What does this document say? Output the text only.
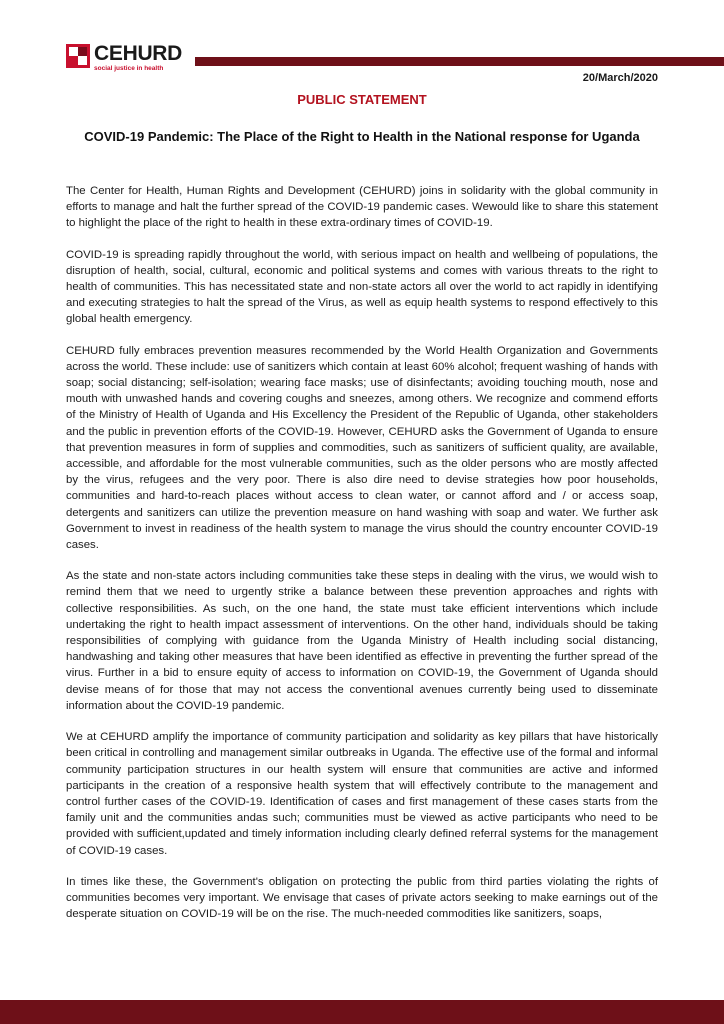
CEHURD
social justice in health
20/March/2020
PUBLIC STATEMENT
COVID-19 Pandemic: The Place of the Right to Health in the National response for Uganda

The Center for Health, Human Rights and Development (CEHURD) joins in solidarity with the global community in efforts to manage and halt the further spread of the COVID-19 pandemic cases. Wewould like to share this statement to highlight the place of the right to health in these extra-ordinary times of COVID-19.

COVID-19 is spreading rapidly throughout the world, with serious impact on health and wellbeing of populations, the disruption of health, social, cultural, economic and political systems and comes with various threats to the right to health of communities. This has necessitated state and non-state actors all over the world to act rapidly in identifying and executing strategies to halt the spread of the Virus, as well as equip health systems to respond effectively to this global health emergency.

CEHURD fully embraces prevention measures recommended by the World Health Organization and Governments across the world. These include: use of sanitizers which contain at least 60% alcohol; frequent washing of hands with soap; social distancing; self-isolation; wearing face masks; use of disinfectants; avoiding touching mouth, nose and mouth with unwashed hands and covering coughs and sneezes, among others. We recognize and commend efforts of the Ministry of Health of Uganda and His Excellency the President of the Republic of Uganda, other stakeholders and the public in prevention efforts of the COVID-19. However, CEHURD asks the Government of Uganda to ensure that prevention measures in form of supplies and commodities, such as sanitizers of sufficient quality, are available, accessible, and affordable for the most vulnerable communities, such as the older persons who are mostly affected by the virus, refugees and the very poor. There is also dire need to devise strategies how poor households, communities and hard-to-reach places without access to clean water, or cannot afford and / or access soap, detergents and sanitizers can utilize the prevention measure on hand washing with soap and water. We further ask Government to invest in readiness of the health system to manage the virus should the country encounter COVID-19 cases.

As the state and non-state actors including communities take these steps in dealing with the virus, we would wish to remind them that we need to urgently strike a balance between these prevention approaches and rights with collective responsibilities. As such, on the one hand, the state must take efficient interventions which include undertaking the right to health impact assessment of interventions. On the other hand, individuals should be taking responsibilities of complying with guidance from the Uganda Ministry of Health including social distancing, handwashing and taking other measures that have been identified as effective in preventing the further spread of the virus. Further in a bid to ensure equity of access to information on COVID-19, the Government of Uganda should devise means of for those that may not access the conventional avenues currently being used to disseminate information about the COVID-19 pandemic.

We at CEHURD amplify the importance of community participation and solidarity as key pillars that have historically been critical in controlling and management similar outbreaks in Uganda. The effective use of the formal and informal community participation structures in our health system will ensure that communities are active and informed participants in the creation of a responsive health system that will effectively contribute to the management and control further cases of the COVID-19. Identification of cases and first management of these cases starts from the family unit and the communities andas such; communities must be viewed as active participants who need to be provided with sufficient,updated and timely information including clearly defined referral systems for the management of COVID-19 cases.

In times like these, the Government's obligation on protecting the public from third parties violating the rights of communities becomes very important. We envisage that cases of private actors seeking to make earnings out of the desperate situation on COVID-19 will be on the rise. The much-needed commodities like sanitizers, soaps,
